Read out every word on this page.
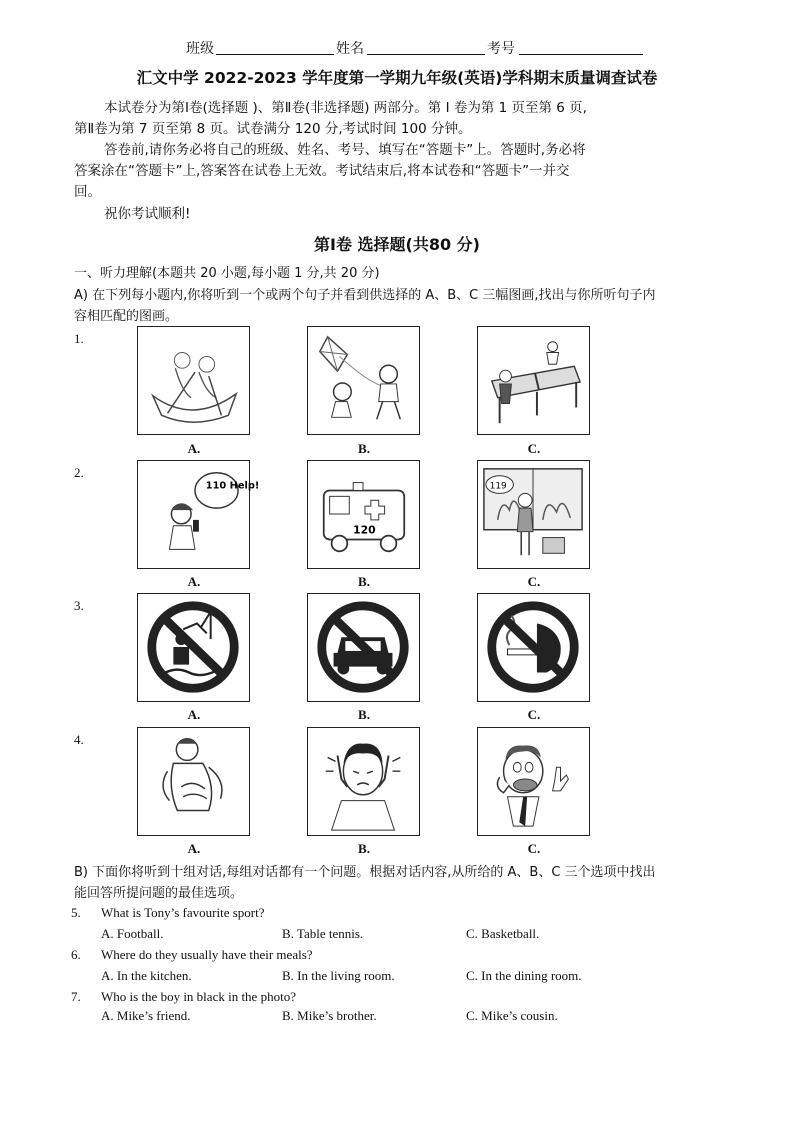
班级	姓名	考号
汇文中学 2022-2023 学年度第一学期九年级(英语)学科期末质量调查试卷
本试卷分为第Ⅰ卷(选择题 )、第Ⅱ卷(非选择题) 两部分。第 Ⅰ 卷为第 1 页至第 6 页,
第Ⅱ卷为第 7 页至第 8 页。试卷满分 120 分,考试时间 100 分钟。
答卷前,请你务必将自己的班级、姓名、考号、填写在“答题卡”上。答题时,务必将
答案涂在“答题卡”上,答案答在试卷上无效。考试结束后,将本试卷和“答题卡”一并交
回。
祝你考试顺利!
第Ⅰ卷 选择题(共80 分)
一、听力理解(本题共 20 小题,每小题 1 分,共 20 分)
A) 在下列每小题内,你将听到一个或两个句子并看到供选择的 A、B、C 三幅图画,找出与你所听句子内
容相匹配的图画。
1.
A.	B.	C.
2.
110 Help!
A.
120
B.
119
C.
3.
A.	B.	C.
4.
A.	B.	C.
B) 下面你将听到十组对话,每组对话都有一个问题。根据对话内容,从所给的 A、B、C 三个选项中找出
能回答所提问题的最佳选项。
5. What is Tony’s favourite sport?
A. Football.	B. Table tennis.	C. Basketball.
6. Where do they usually have their meals?
A. In the kitchen.	B. In the living room.	C. In the dining room.
7. Who is the boy in black in the photo?
A. Mike’s friend.	B. Mike’s brother.	C. Mike’s cousin.
